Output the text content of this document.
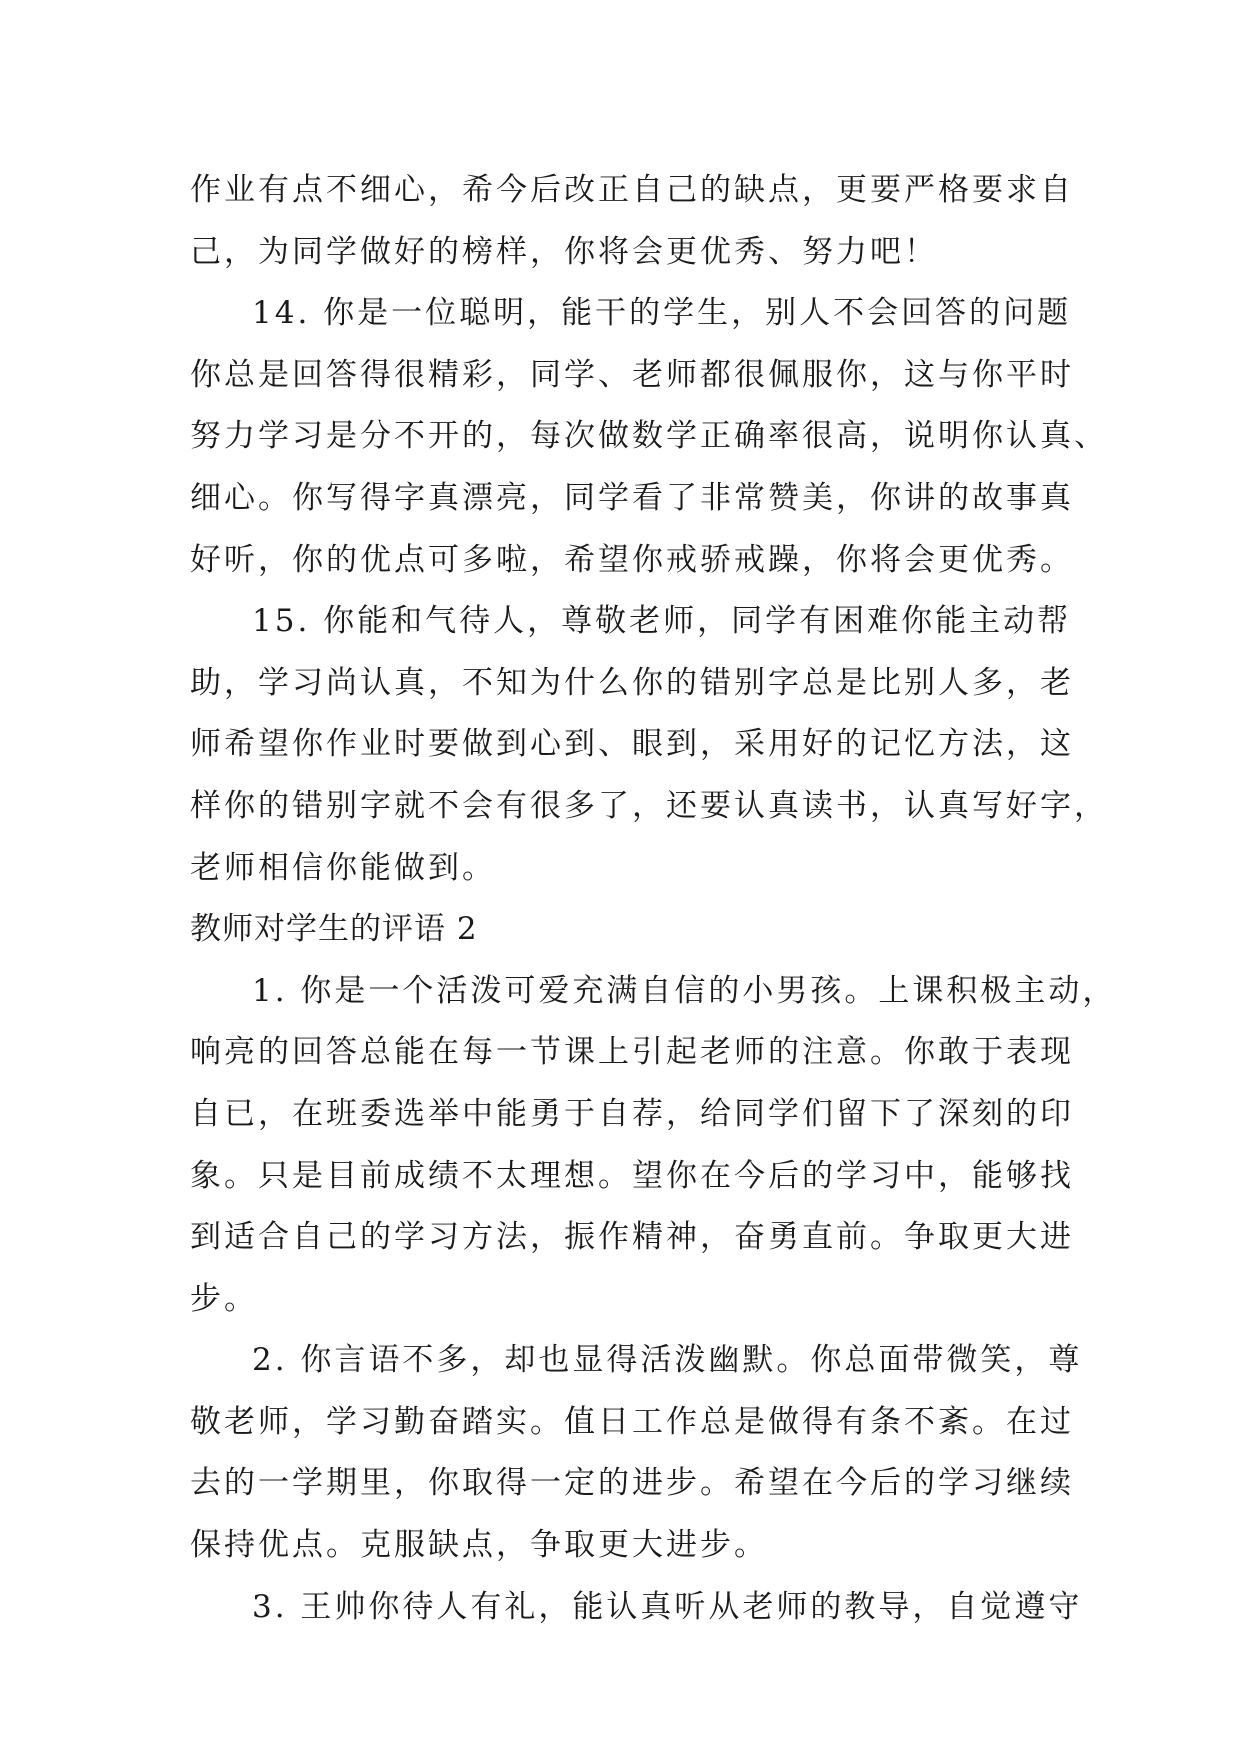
作业有点不细心，希今后改正自己的缺点，更要严格要求自
己，为同学做好的榜样，你将会更优秀、努力吧！
14. 你是一位聪明，能干的学生，别人不会回答的问题
你总是回答得很精彩，同学、老师都很佩服你，这与你平时
努力学习是分不开的，每次做数学正确率很高，说明你认真、
细心。你写得字真漂亮，同学看了非常赞美，你讲的故事真
好听，你的优点可多啦，希望你戒骄戒躁，你将会更优秀。
15. 你能和气待人，尊敬老师，同学有困难你能主动帮
助，学习尚认真，不知为什么你的错别字总是比别人多，老
师希望你作业时要做到心到、眼到，采用好的记忆方法，这
样你的错别字就不会有很多了，还要认真读书，认真写好字，
老师相信你能做到。
教师对学生的评语 2
1. 你是一个活泼可爱充满自信的小男孩。上课积极主动，
响亮的回答总能在每一节课上引起老师的注意。你敢于表现
自已，在班委选举中能勇于自荐，给同学们留下了深刻的印
象。只是目前成绩不太理想。望你在今后的学习中，能够找
到适合自己的学习方法，振作精神，奋勇直前。争取更大进
步。
2. 你言语不多，却也显得活泼幽默。你总面带微笑，尊
敬老师，学习勤奋踏实。值日工作总是做得有条不紊。在过
去的一学期里，你取得一定的进步。希望在今后的学习继续
保持优点。克服缺点，争取更大进步。
3. 王帅你待人有礼，能认真听从老师的教导，自觉遵守
